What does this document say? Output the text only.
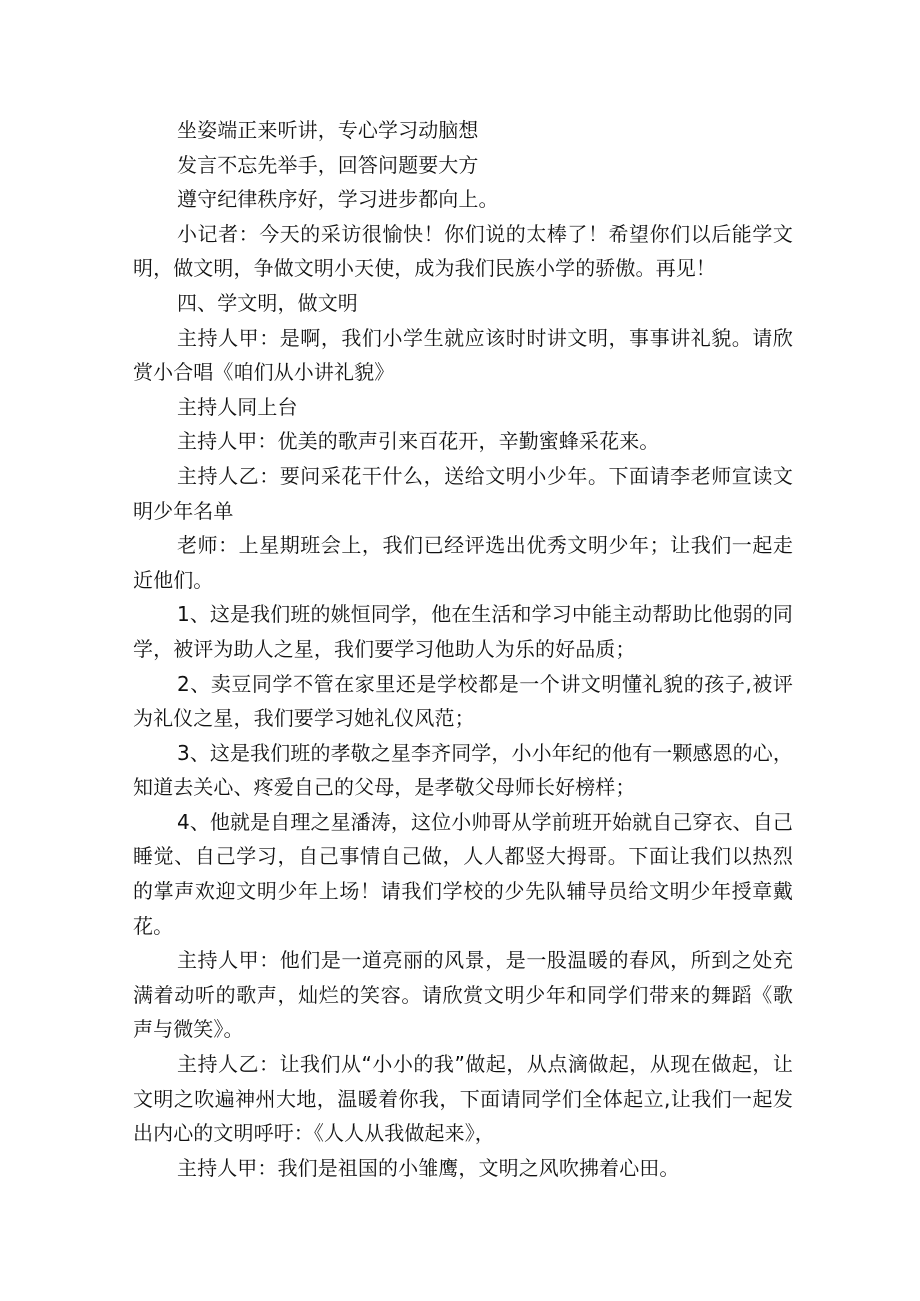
坐姿端正来听讲，专心学习动脑想

发言不忘先举手，回答问题要大方

遵守纪律秩序好，学习进步都向上。

小记者：今天的采访很愉快！你们说的太棒了！希望你们以后能学文明，做文明，争做文明小天使，成为我们民族小学的骄傲。再见！

四、学文明，做文明

主持人甲：是啊，我们小学生就应该时时讲文明，事事讲礼貌。请欣赏小合唱《咱们从小讲礼貌》

主持人同上台

主持人甲：优美的歌声引来百花开，辛勤蜜蜂采花来。

主持人乙：要问采花干什么，送给文明小少年。下面请李老师宣读文明少年名单

老师：上星期班会上，我们已经评选出优秀文明少年；让我们一起走近他们。

1、这是我们班的姚恒同学，他在生活和学习中能主动帮助比他弱的同学，被评为助人之星，我们要学习他助人为乐的好品质；

2、卖豆同学不管在家里还是学校都是一个讲文明懂礼貌的孩子,被评为礼仪之星，我们要学习她礼仪风范；

3、这是我们班的孝敬之星李齐同学，小小年纪的他有一颗感恩的心，知道去关心、疼爱自己的父母，是孝敬父母师长好榜样；

4、他就是自理之星潘涛，这位小帅哥从学前班开始就自己穿衣、自己睡觉、自己学习，自己事情自己做，人人都竖大拇哥。下面让我们以热烈的掌声欢迎文明少年上场！请我们学校的少先队辅导员给文明少年授章戴花。

主持人甲：他们是一道亮丽的风景，是一股温暖的春风，所到之处充满着动听的歌声，灿烂的笑容。请欣赏文明少年和同学们带来的舞蹈《歌声与微笑》。

主持人乙：让我们从“小小的我”做起，从点滴做起，从现在做起，让文明之吹遍神州大地，温暖着你我，下面请同学们全体起立,让我们一起发出内心的文明呼吁：《人人从我做起来》，

主持人甲：我们是祖国的小雏鹰，文明之风吹拂着心田。
